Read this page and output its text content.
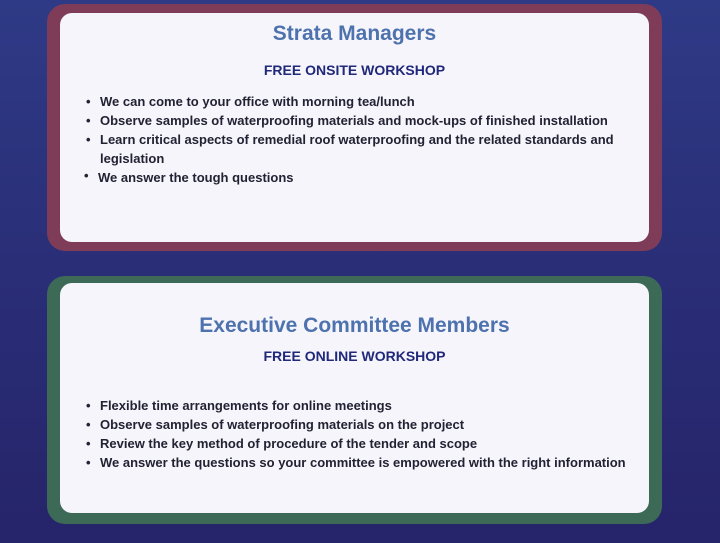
Strata Managers
FREE ONSITE WORKSHOP
• We can come to your office with morning tea/lunch
• Observe samples of waterproofing materials and mock-ups of finished installation
• Learn critical aspects of remedial roof waterproofing and the related standards and legislation
• We answer the tough questions
Executive Committee Members
FREE ONLINE WORKSHOP
• Flexible time arrangements for online meetings
• Observe samples of waterproofing materials on the project
• Review the key method of procedure of the tender and scope
• We answer the questions so your committee is empowered with the right information
